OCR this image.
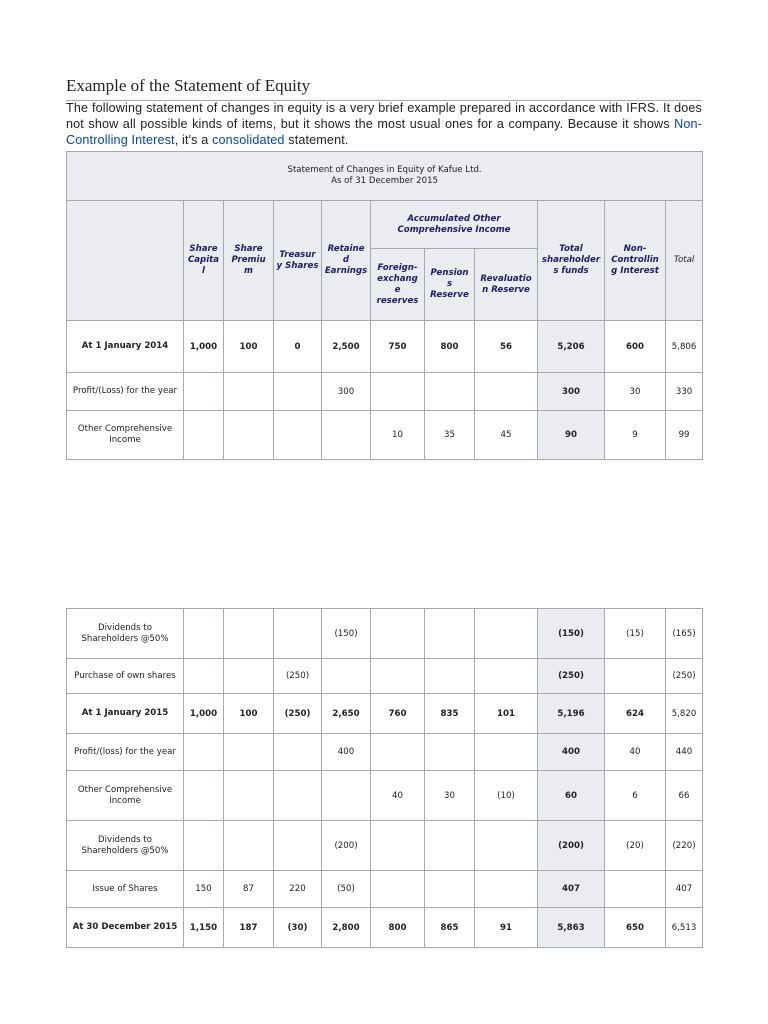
Example of the Statement of Equity
The following statement of changes in equity is a very brief example prepared in accordance with IFRS. It does not show all possible kinds of items, but it shows the most usual ones for a company. Because it shows Non-Controlling Interest, it's a consolidated statement.
Statement of Changes in Equity of Kafue Ltd.
As of 31 December 2015										

	Share Capita l	Share Premiu m	Treasur y Shares	Retaine d Earnings	Accumulated Other Comprehensive Income			Total shareholder s funds	Non- Controllin g Interest	Total
					Foreign- exchang e reserves	Pension s Reserve	Revaluatio n Reserve			
At 1 January 2014	1,000	100	0	2,500	750	800	56	5,206	600	5,806
Profit/(Loss) for the year				300				300	30	330
Other Comprehensive Income					10	35	45	90	9	99
Dividends to Shareholders @50%				(150)				(150)	(15)	(165)
Purchase of own shares			(250)					(250)		(250)
At 1 January 2015	1,000	100	(250)	2,650	760	835	101	5,196	624	5,820
Profit/(loss) for the year				400				400	40	440
Other Comprehensive Income					40	30	(10)	60	6	66
Dividends to Shareholders @50%				(200)				(200)	(20)	(220)
Issue of Shares	150	87	220	(50)				407		407
At 30 December 2015	1,150	187	(30)	2,800	800	865	91	5,863	650	6,513
